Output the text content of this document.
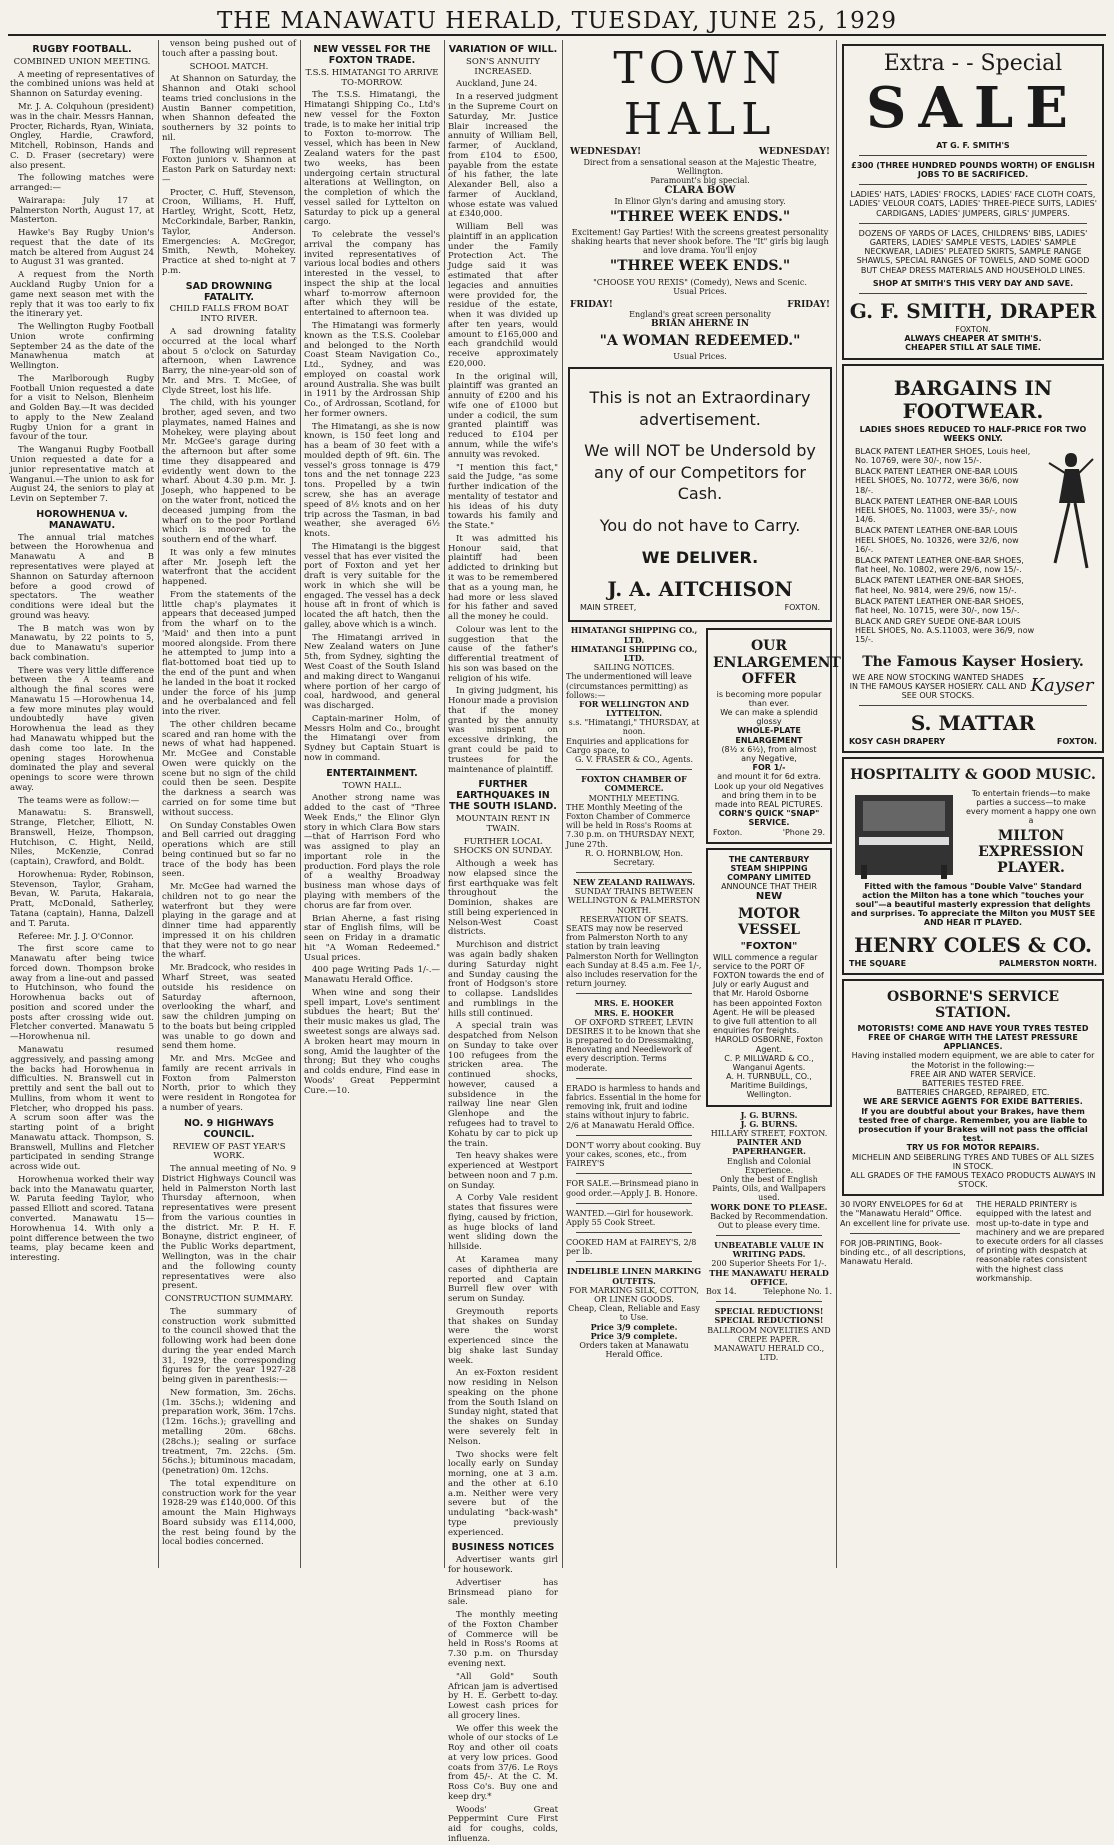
THE MANAWATU HERALD, TUESDAY, JUNE 25, 1929
RUGBY FOOTBALL.
COMBINED UNION MEETING.

A meeting of representatives of the combined unions was held at Shannon on Saturday evening.

Mr. J. A. Colquhoun (president) was in the chair. Messrs Hannan, Procter, Richards, Ryan, Winiata, Ongley, Hardie, Crawford, Mitchell, Robinson, Hands and C. D. Fraser (secretary) were also present.

The following matches were arranged:—

Wairarapa: July 17 at Palmerston North, August 17, at Masterton.

Hawke's Bay Rugby Union's request that the date of its match be altered from August 24 to August 31 was granted.

A request from the North Auckland Rugby Union for a game next season met with the reply that it was too early to fix the itinerary yet.

The Wellington Rugby Football Union wrote confirming September 24 as the date of the Manawhenua match at Wellington.

The Marlborough Rugby Football Union requested a date for a visit to Nelson, Blenheim and Golden Bay.—It was decided to apply to the New Zealand Rugby Union for a grant in favour of the tour.

The Wanganui Rugby Football Union requested a date for a junior representative match at Wanganui.—The union to ask for August 24, the seniors to play at Levin on September 7.

HOROWHENUA v. MANAWATU.

The annual trial matches between the Horowhenua and Manawatu A and B representatives were played at Shannon on Saturday afternoon before a good crowd of spectators. The weather conditions were ideal but the ground was heavy.

The B match was won by Manawatu, by 22 points to 5, due to Manawatu's superior back combination.

There was very little difference between the A teams and although the final scores were Manawatu 15 —Horowhenua 14, a few more minutes play would undoubtedly have given Horowhenua the lead as they had Manawatu whipped but the dash come too late. In the opening stages Horowhenua dominated the play and several openings to score were thrown away.

The teams were as follow:—

Manawatu: S. Branswell, Strange, Fletcher, Elliott, N. Branswell, Heize, Thompson, Hutchison, C. Hight, Neild, Niles, McKenzie, Conrad (captain), Crawford, and Boldt.

Horowhenua: Ryder, Robinson, Stevenson, Taylor, Graham, Bevan, W. Paruta, Hakaraia, Pratt, McDonald, Satherley, Tatana (captain), Hanna, Dalzell and T. Paruta.

Referee: Mr. J. J. O'Connor.

The first score came to Manawatu after being twice forced down. Thompson broke away from a line-out and passed to Hutchinson, who found the Horowhenua backs out of position and scored under the posts after crossing wide out. Fletcher converted. Manawatu 5—Horowhenua nil.

Manawatu resumed aggressively, and passing among the backs had Horowhenua in difficulties. N. Branswell cut in prettily and sent the ball out to Mullins, from whom it went to Fletcher, who dropped his pass. A scrum soon after was the starting point of a bright Manawatu attack. Thompson, S. Branswell, Mullins and Fletcher participated in sending Strange across wide out.

Horowhenua worked their way back into the Manawatu quarter, W. Paruta feeding Taylor, who passed Elliott and scored. Tatana converted. Manawatu 15—Horowhenua 14. With only a point difference between the two teams, play became keen and interesting.

venson being pushed out of touch after a passing bout.

SCHOOL MATCH.

At Shannon on Saturday, the Shannon and Otaki school teams tried conclusions in the Austin Banner competition, when Shannon defeated the southerners by 32 points to nil.

The following will represent Foxton juniors v. Shannon at Easton Park on Saturday next:—

Procter, C. Huff, Stevenson, Croon, Williams, H. Huff, Hartley, Wright, Scott, Hetz, McCorkindale, Barber, Rankin, Taylor, Anderson. Emergencies: A. McGregor, Smith, Newth, Mohekey. Practice at shed to-night at 7 p.m.

SAD DROWNING FATALITY.
CHILD FALLS FROM BOAT INTO RIVER.

A sad drowning fatality occurred at the local wharf about 5 o'clock on Saturday afternoon, when Lawrence Barry, the nine-year-old son of Mr. and Mrs. T. McGee, of Clyde Street, lost his life.

The child, with his younger brother, aged seven, and two playmates, named Haines and Mohekey, were playing about Mr. McGee's garage during the afternoon but after some time they disappeared and evidently went down to the wharf. About 4.30 p.m. Mr. J. Joseph, who happened to be on the water front, noticed the deceased jumping from the wharf on to the poor Portland which is moored to the southern end of the wharf.

It was only a few minutes after Mr. Joseph left the waterfront that the accident happened.

From the statements of the little chap's playmates it appears that deceased jumped from the wharf on to the 'Maid' and then into a punt moored alongside. From there he attempted to jump into a flat-bottomed boat tied up to the end of the punt and when he landed in the boat it rocked under the force of his jump and he overbalanced and fell into the river.

The other children became scared and ran home with the news of what had happened. Mr. McGee and Constable Owen were quickly on the scene but no sign of the child could then be seen. Despite the darkness a search was carried on for some time but without success.

On Sunday Constables Owen and Bell carried out dragging operations which are still being continued but so far no trace of the body has been seen.

Mr. McGee had warned the children not to go near the waterfront but they were playing in the garage and at dinner time had apparently impressed it on his children that they were not to go near the wharf.

Mr. Bradcock, who resides in Wharf Street, was seated outside his residence on Saturday afternoon, overlooking the wharf, and saw the children jumping on to the boats but being crippled was unable to go down and send them home.

Mr. and Mrs. McGee and family are recent arrivals in Foxton from Palmerston North, prior to which they were resident in Rongotea for a number of years.

NO. 9 HIGHWAYS COUNCIL.
REVIEW OF PAST YEAR'S WORK.

The annual meeting of No. 9 District Highways Council was held in Palmerston North last Thursday afternoon, when representatives were present from the various counties in the district. Mr. P. H. F. Bonayne, district engineer, of the Public Works department, Wellington, was in the chair and the following county representatives were also present.

CONSTRUCTION SUMMARY.

The summary of construction work submitted to the council showed that the following work had been done during the year ended March 31, 1929, the corresponding figures for the year 1927-28 being given in parenthesis:—

New formation, 3m. 26chs. (1m. 35chs.); widening and preparation work, 36m. 17chs. (12m. 16chs.); gravelling and metalling 20m. 68chs. (28chs.); sealing or surface treatment, 7m. 22chs. (5m. 56chs.); bituminous macadam, (penetration) 0m. 12chs.

The total expenditure on construction work for the year 1928-29 was £140,000. Of this amount the Main Highways Board subsidy was £114,000, the rest being found by the local bodies concerned.

NEW VESSEL FOR THE FOXTON TRADE.
T.S.S. HIMATANGI TO ARRIVE TO-MORROW.

The T.S.S. Himatangi, the Himatangi Shipping Co., Ltd's new vessel for the Foxton trade, is to make her initial trip to Foxton to-morrow. The vessel, which has been in New Zealand waters for the past two weeks, has been undergoing certain structural alterations at Wellington, on the completion of which the vessel sailed for Lyttelton on Saturday to pick up a general cargo.

To celebrate the vessel's arrival the company has invited representatives of various local bodies and others interested in the vessel, to inspect the ship at the local wharf to-morrow afternoon after which they will be entertained to afternoon tea.

The Himatangi was formerly known as the T.S.S. Coolebar and belonged to the North Coast Steam Navigation Co., Ltd., Sydney, and was employed on coastal work around Australia. She was built in 1911 by the Ardrossan Ship Co., of Ardrossan, Scotland, for her former owners.

The Himatangi, as she is now known, is 150 feet long and has a beam of 30 feet with a moulded depth of 9ft. 6in. The vessel's gross tonnage is 479 tons and the net tonnage 223 tons. Propelled by a twin screw, she has an average speed of 8½ knots and on her trip across the Tasman, in bad weather, she averaged 6½ knots.

The Himatangi is the biggest vessel that has ever visited the port of Foxton and yet her draft is very suitable for the work in which she will be engaged. The vessel has a deck house aft in front of which is located the aft hatch, then the galley, above which is a winch.

The Himatangi arrived in New Zealand waters on June 5th, from Sydney, sighting the West Coast of the South Island and making direct to Wanganui where portion of her cargo of coal, hardwood, and general was discharged.

Captain-mariner Holm, of Messrs Holm and Co., brought the Himatangi over from Sydney but Captain Stuart is now in command.

ENTERTAINMENT.
TOWN HALL.

Another strong name was added to the cast of "Three Week Ends," the Elinor Glyn story in which Clara Bow stars—that of Harrison Ford who was assigned to play an important role in the production. Ford plays the role of a wealthy Broadway business man whose days of playing with members of the chorus are far from over.

Brian Aherne, a fast rising star of English films, will be seen on Friday in a dramatic hit "A Woman Redeemed." Usual prices.

400 page Writing Pads 1/-.—Manawatu Herald Office.

When wine and song their spell impart, Love's sentiment subdues the heart; But the' their music makes us glad, The sweetest songs are always sad. A broken heart may mourn in song, Amid the laughter of the throng; But they who coughs and colds endure, Find ease in Woods' Great Peppermint Cure.—10.

VARIATION OF WILL.
SON'S ANNUITY INCREASED.

Auckland, June 24.

In a reserved judgment in the Supreme Court on Saturday, Mr. Justice Blair increased the annuity of William Bell, farmer, of Auckland, from £104 to £500, payable from the estate of his father, the late Alexander Bell, also a farmer of Auckland, whose estate was valued at £340,000.

William Bell was plaintiff in an application under the Family Protection Act. The Judge said it was estimated that after legacies and annuities were provided for, the residue of the estate, when it was divided up after ten years, would amount to £165,000 and each grandchild would receive approximately £20,000.

In the original will, plaintiff was granted an annuity of £200 and his wife one of £1000 but under a codicil, the sum granted plaintiff was reduced to £104 per annum, while the wife's annuity was revoked.

"I mention this fact," said the Judge, "as some further indication of the mentality of testator and his ideas of his duty towards his family and the State."

It was admitted his Honour said, that plaintiff had been addicted to drinking but it was to be remembered that as a young man, he had more or less slaved for his father and saved all the money he could.

Colour was lent to the suggestion that the cause of the father's differential treatment of his son was based on the religion of his wife.

In giving judgment, his Honour made a provision that if the money granted by the annuity was misspent on excessive drinking, the grant could be paid to trustees for the maintenance of plaintiff.

FURTHER EARTHQUAKES IN THE SOUTH ISLAND.
MOUNTAIN RENT IN TWAIN.
FURTHER LOCAL SHOCKS ON SUNDAY.

Although a week has now elapsed since the first earthquake was felt throughout the Dominion, shakes are still being experienced in Nelson-West Coast districts.

Murchison and district was again badly shaken during Saturday night and Sunday causing the front of Hodgson's store to collapse. Landslides and rumblings in the hills still continued.

A special train was despatched from Nelson on Sunday to take over 100 refugees from the stricken area. The continued shocks, however, caused a subsidence in the railway line near Glen Glenhope and the refugees had to travel to Kohatu by car to pick up the train.

Ten heavy shakes were experienced at Westport between noon and 7 p.m. on Sunday.

A Corby Vale resident states that fissures were flying, caused by friction, as huge blocks of land went sliding down the hillside.

At Karamea many cases of diphtheria are reported and Captain Burrell flew over with serum on Sunday.

Greymouth reports that shakes on Sunday were the worst experienced since the big shake last Sunday week.

An ex-Foxton resident now residing in Nelson speaking on the phone from the South Island on Sunday night, stated that the shakes on Sunday were severely felt in Nelson.

Two shocks were felt locally early on Sunday morning, one at 3 a.m. and the other at 6.10 a.m. Neither were very severe but of the undulating "back-wash" type previously experienced.

BUSINESS NOTICES

Advertiser wants girl for housework.

Advertiser has Brinsmead piano for sale.

The monthly meeting of the Foxton Chamber of Commerce will be held in Ross's Rooms at 7.30 p.m. on Thursday evening next.

"All Gold" South African jam is advertised by H. E. Gerbett to-day. Lowest cash prices for all grocery lines.

We offer this week the whole of our stocks of Le Roy and other oil coats at very low prices. Good coats from 37/6. Le Roys from 45/-. At the C. M. Ross Co's. Buy one and keep dry.*

Woods' Great Peppermint Cure First aid for coughs, colds, influenza.

TOWN HALL
WEDNESDAY!	WEDNESDAY!
Direct from a sensational season at the Majestic Theatre, Wellington.
Paramount's big special.
CLARA BOW
In Elinor Glyn's daring and amusing story.
"THREE WEEK ENDS."
Excitement! Gay Parties! With the screens greatest personality shaking hearts that never shook before. The "It" girls big laugh and love drama. You'll enjoy
"THREE WEEK ENDS."
"CHOOSE YOU REXIS" (Comedy), News and Scenic.
Usual Prices.
FRIDAY!	FRIDAY!
England's great screen personality
BRIAN AHERNE IN
"A WOMAN REDEEMED."
Usual Prices.
This is not an Extraordinary advertisement.
We will NOT be Undersold by any of our Competitors for Cash.
You do not have to Carry.
WE DELIVER.
J. A. AITCHISON
MAIN STREET,	FOXTON.
HIMATANGI SHIPPING CO., LTD.
HIMATANGI SHIPPING CO., LTD.
SAILING NOTICES.
The undermentioned will leave (circumstances permitting) as follows:—
FOR WELLINGTON AND LYTTELTON.
s.s. "Himatangi," THURSDAY, at noon.
Enquiries and applications for Cargo space, to
G. V. FRASER & CO., Agents.
FOXTON CHAMBER OF COMMERCE.
MONTHLY MEETING.
THE Monthly Meeting of the Foxton Chamber of Commerce will be held in Ross's Rooms at 7.30 p.m. on THURSDAY NEXT, June 27th.
R. O. HORNBLOW, Hon. Secretary.
NEW ZEALAND RAILWAYS.
SUNDAY TRAINS BETWEEN WELLINGTON & PALMERSTON NORTH.
RESERVATION OF SEATS.
SEATS may now be reserved from Palmerston North to any station by train leaving Palmerston North for Wellington each Sunday at 8.45 a.m. Fee 1/-, also includes reservation for the return journey.
MRS. E. HOOKER
MRS. E. HOOKER
OF OXFORD STREET, LEVIN
DESIRES it to be known that she is prepared to do Dressmaking, Renovating and Needlework of every description. Terms moderate.
ERADO is harmless to hands and fabrics. Essential in the home for removing ink, fruit and iodine stains without injury to fabric. 2/6 at Manawatu Herald Office.
DON'T worry about cooking. Buy your cakes, scones, etc., from FAIREY'S
FOR SALE.—Brinsmead piano in good order.—Apply J. B. Honore.
WANTED.—Girl for housework. Apply 55 Cook Street.
COOKED HAM at FAIREY'S, 2/8 per lb.
INDELIBLE LINEN MARKING OUTFITS.
FOR MARKING SILK, COTTON, OR LINEN GOODS.
Cheap, Clean, Reliable and Easy to Use.
Price 3/9 complete.
Price 3/9 complete.
Orders taken at Manawatu Herald Office.
OUR ENLARGEMENT OFFER
is becoming more popular than ever.
We can make a splendid glossy
WHOLE-PLATE ENLARGEMENT
(8½ x 6½), from almost any Negative,
FOR 1/-
and mount it for 6d extra.
Look up your old Negatives and bring them in to be made into REAL PICTURES.
CORN'S QUICK "SNAP" SERVICE.
Foxton.	'Phone 29.
THE CANTERBURY STEAM SHIPPING COMPANY LIMITED
ANNOUNCE THAT THEIR
NEW
MOTOR VESSEL
"FOXTON"
WILL commence a regular service to the PORT OF FOXTON towards the end of July or early August and that Mr. Harold Osborne has been appointed Foxton Agent. He will be pleased to give full attention to all enquiries for freights.
HAROLD OSBORNE, Foxton Agent.
C. P. MILLWARD & CO., Wanganui Agents.
A. H. TURNBULL, CO., Maritime Buildings, Wellington.
J. G. BURNS.
J. G. BURNS.
HILLARY STREET, FOXTON.
PAINTER AND PAPERHANGER.
English and Colonial Experience.
Only the best of English Paints, Oils, and Wallpapers used.
WORK DONE TO PLEASE.
Backed by Recommendation. Out to please every time.
UNBEATABLE VALUE IN WRITING PADS.
200 Superior Sheets For 1/-.
THE MANAWATU HERALD OFFICE.
Box 14.	Telephone No. 1.
SPECIAL REDUCTIONS!
SPECIAL REDUCTIONS!
BALLROOM NOVELTIES AND CREPE PAPER.
MANAWATU HERALD CO., LTD.
Extra - - Special
SALE
AT G. F. SMITH'S
£300 (THREE HUNDRED POUNDS WORTH) OF ENGLISH JOBS TO BE SACRIFICED.
LADIES' HATS, LADIES' FROCKS, LADIES' FACE CLOTH COATS, LADIES' VELOUR COATS, LADIES' THREE-PIECE SUITS, LADIES' CARDIGANS, LADIES' JUMPERS, GIRLS' JUMPERS.
DOZENS OF YARDS OF LACES, CHILDRENS' BIBS, LADIES' GARTERS, LADIES' SAMPLE VESTS, LADIES' SAMPLE NECKWEAR, LADIES' PLEATED SKIRTS, SAMPLE RANGE SHAWLS, SPECIAL RANGES OF TOWELS, AND SOME GOOD BUT CHEAP DRESS MATERIALS AND HOUSEHOLD LINES.
SHOP AT SMITH'S THIS VERY DAY AND SAVE.
G. F. SMITH, DRAPER
FOXTON.
ALWAYS CHEAPER AT SMITH'S.
CHEAPER STILL AT SALE TIME.
BARGAINS IN FOOTWEAR.
LADIES SHOES REDUCED TO HALF-PRICE FOR TWO WEEKS ONLY.
BLACK PATENT LEATHER SHOES, Louis heel, No. 10769, were 30/-, now 15/-.
BLACK PATENT LEATHER ONE-BAR LOUIS HEEL SHOES, No. 10772, were 36/6, now 18/-.
BLACK PATENT LEATHER ONE-BAR LOUIS HEEL SHOES, No. 11003, were 35/-, now 14/6.
BLACK PATENT LEATHER ONE-BAR LOUIS HEEL SHOES, No. 10326, were 32/6, now 16/-.
BLACK PATENT LEATHER ONE-BAR SHOES, flat heel, No. 10802, were 29/6, now 15/-.
BLACK PATENT LEATHER ONE-BAR SHOES, flat heel, No. 9814, were 29/6, now 15/-.
BLACK PATENT LEATHER ONE-BAR SHOES, flat heel, No. 10715, were 30/-, now 15/-.
BLACK AND GREY SUEDE ONE-BAR LOUIS HEEL SHOES, No. A.S.11003, were 36/9, now 15/-.
The Famous Kayser Hosiery.
WE ARE NOW STOCKING WANTED SHADES IN THE FAMOUS KAYSER HOSIERY. CALL AND SEE OUR STOCKS.	Kayser
S. MATTAR
KOSY CASH DRAPERY	FOXTON.
HOSPITALITY & GOOD MUSIC.
To entertain friends—to make parties a success—to make every moment a happy one own a
MILTON EXPRESSION PLAYER.
Fitted with the famous "Double Valve" Standard action the Milton has a tone which "touches your soul"—a beautiful masterly expression that delights and surprises. To appreciate the Milton you MUST SEE AND HEAR IT PLAYED.
HENRY COLES & CO.
THE SQUARE	PALMERSTON NORTH.
OSBORNE'S SERVICE STATION.
MOTORISTS! COME AND HAVE YOUR TYRES TESTED FREE OF CHARGE WITH THE LATEST PRESSURE APPLIANCES.
Having installed modern equipment, we are able to cater for the Motorist in the following:—
FREE AIR AND WATER SERVICE.
BATTERIES TESTED FREE.
BATTERIES CHARGED, REPAIRED, ETC.
WE ARE SERVICE AGENTS FOR EXIDE BATTERIES.
If you are doubtful about your Brakes, have them tested free of charge. Remember, you are liable to prosecution if your Brakes will not pass the official test.
TRY US FOR MOTOR REPAIRS.
MICHELIN AND SEIBERLING TYRES AND TUBES OF ALL SIZES IN STOCK.
ALL GRADES OF THE FAMOUS TEXACO PRODUCTS ALWAYS IN STOCK.
30 IVORY ENVELOPES for 6d at the "Manawatu Herald" Office. An excellent line for private use.
FOR JOB-PRINTING, Book-binding etc., of all descriptions, Manawatu Herald.
THE HERALD PRINTERY is equipped with the latest and most up-to-date in type and machinery and we are prepared to execute orders for all classes of printing with despatch at reasonable rates consistent with the highest class workmanship.
